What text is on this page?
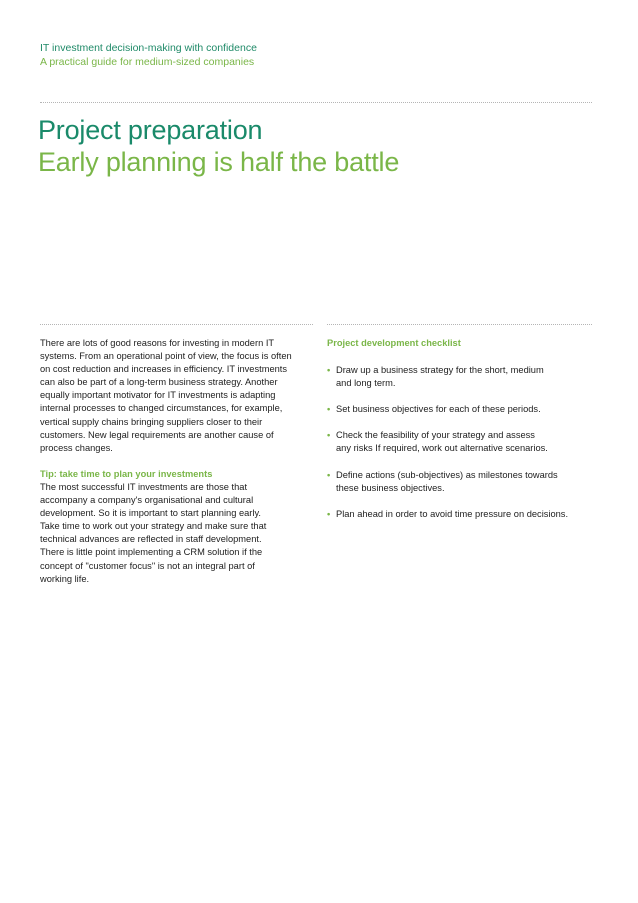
IT investment decision-making with confidence
A practical guide for medium-sized companies
Project preparation
Early planning is half the battle

There are lots of good reasons for investing in modern IT

systems. From an operational point of view, the focus is often

on cost reduction and increases in efficiency. IT investments

can also be part of a long-term business strategy. Another

equally important motivator for IT investments is adapting

internal processes to changed circumstances, for example,

vertical supply chains bringing suppliers closer to their

customers. New legal requirements are another cause of

process changes.

Tip: take time to plan your investments

The most successful IT investments are those that

accompany a company's organisational and cultural

development. So it is important to start planning early.

Take time to work out your strategy and make sure that

technical advances are reflected in staff development.

There is little point implementing a CRM solution if the

concept of "customer focus" is not an integral part of

working life.

Project development checklist
• Draw up a business strategy for the short, medium
and long term.
• Set business objectives for each of these periods.
• Check the feasibility of your strategy and assess
any risks If required, work out alternative scenarios.
• Define actions (sub-objectives) as milestones towards
these business objectives.
• Plan ahead in order to avoid time pressure on decisions.
